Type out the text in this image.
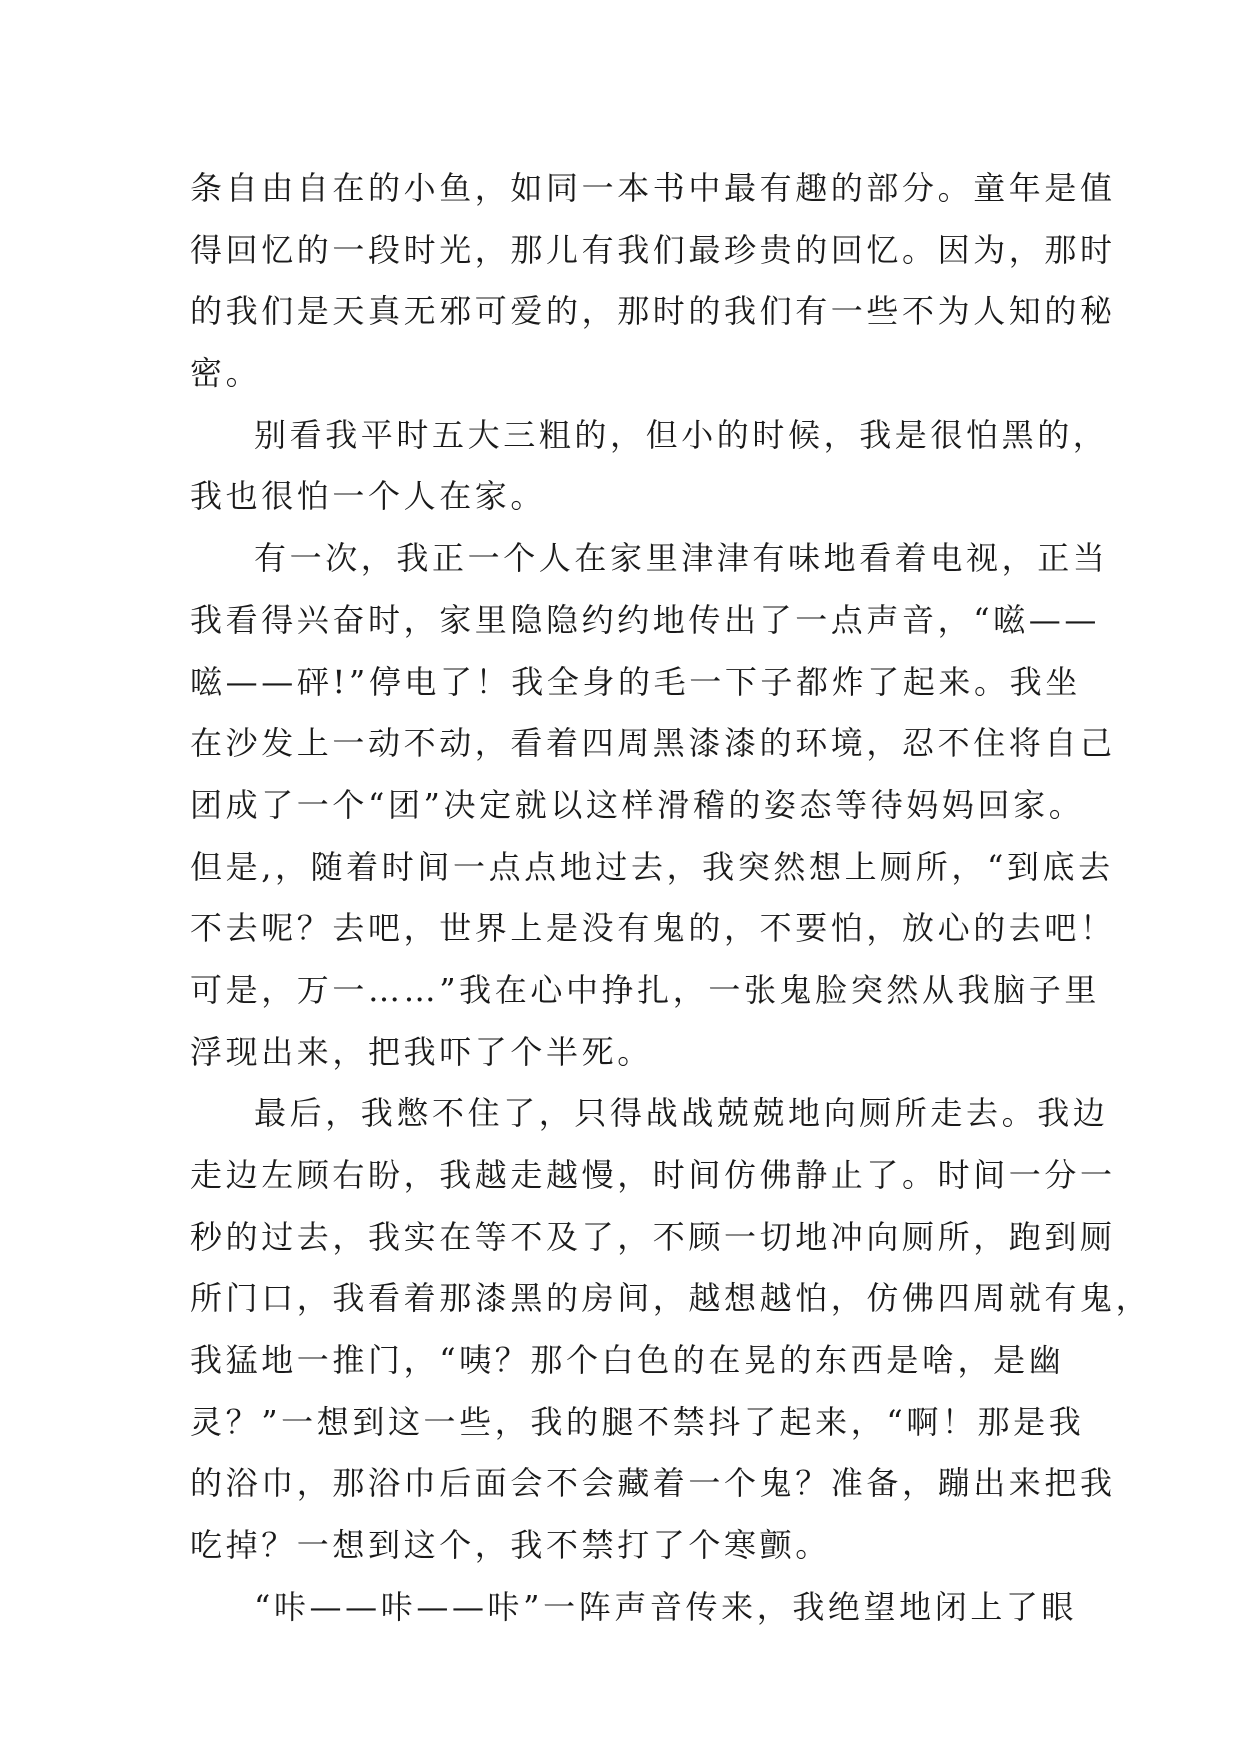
条自由自在的小鱼，如同一本书中最有趣的部分。童年是值
得回忆的一段时光，那儿有我们最珍贵的回忆。因为，那时
的我们是天真无邪可爱的，那时的我们有一些不为人知的秘
密。
别看我平时五大三粗的，但小的时候，我是很怕黑的，
我也很怕一个人在家。
有一次，我正一个人在家里津津有味地看着电视，正当
我看得兴奋时，家里隐隐约约地传出了一点声音，“嗞——
嗞——砰!”停电了！我全身的毛一下子都炸了起来。我坐
在沙发上一动不动，看着四周黑漆漆的环境，忍不住将自己
团成了一个“团”决定就以这样滑稽的姿态等待妈妈回家。
但是,，随着时间一点点地过去，我突然想上厕所，“到底去
不去呢？去吧，世界上是没有鬼的，不要怕，放心的去吧！
可是，万一……”我在心中挣扎，一张鬼脸突然从我脑子里
浮现出来，把我吓了个半死。
最后，我憋不住了，只得战战兢兢地向厕所走去。我边
走边左顾右盼，我越走越慢，时间仿佛静止了。时间一分一
秒的过去，我实在等不及了，不顾一切地冲向厕所，跑到厕
所门口，我看着那漆黑的房间，越想越怕，仿佛四周就有鬼，
我猛地一推门，“咦？那个白色的在晃的东西是啥，是幽
灵？”一想到这一些，我的腿不禁抖了起来，“啊！那是我
的浴巾，那浴巾后面会不会藏着一个鬼？准备，蹦出来把我
吃掉？一想到这个，我不禁打了个寒颤。
“咔——咔——咔”一阵声音传来，我绝望地闭上了眼
